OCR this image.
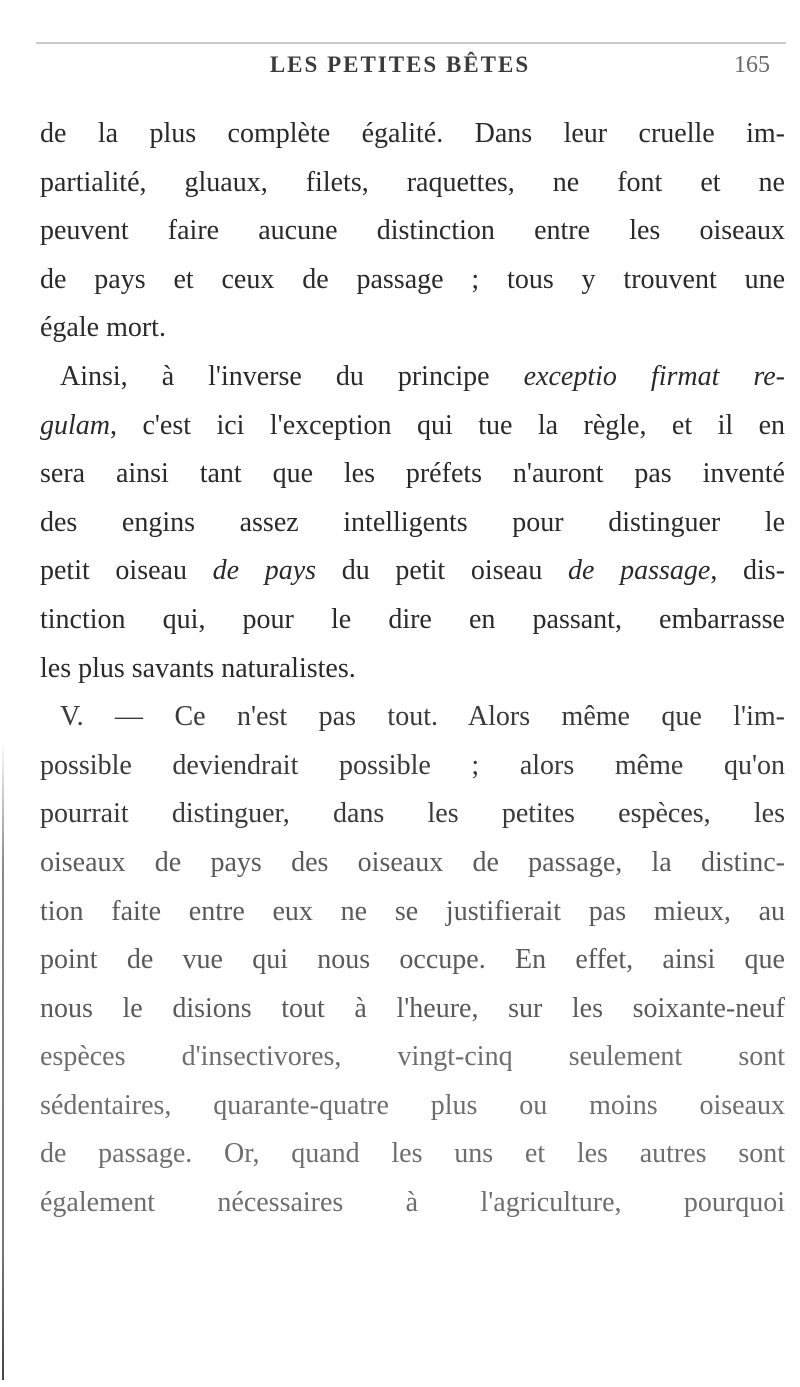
LES PETITES BÊTES	165
de la plus complète égalité. Dans leur cruelle im-
partialité, gluaux, filets, raquettes, ne font et ne
peuvent faire aucune distinction entre les oiseaux
de pays et ceux de passage ; tous y trouvent une
égale mort.
Ainsi, à l'inverse du principe exceptio firmat re-
gulam, c'est ici l'exception qui tue la règle, et il en
sera ainsi tant que les préfets n'auront pas inventé
des engins assez intelligents pour distinguer le
petit oiseau de pays du petit oiseau de passage, dis-
tinction qui, pour le dire en passant, embarrasse
les plus savants naturalistes.
V. — Ce n'est pas tout. Alors même que l'im-
possible deviendrait possible ; alors même qu'on
pourrait distinguer, dans les petites espèces, les
oiseaux de pays des oiseaux de passage, la distinc-
tion faite entre eux ne se justifierait pas mieux, au
point de vue qui nous occupe. En effet, ainsi que
nous le disions tout à l'heure, sur les soixante-neuf
espèces d'insectivores, vingt-cinq seulement sont
sédentaires, quarante-quatre plus ou moins oiseaux
de passage. Or, quand les uns et les autres sont
également nécessaires à l'agriculture, pourquoi
